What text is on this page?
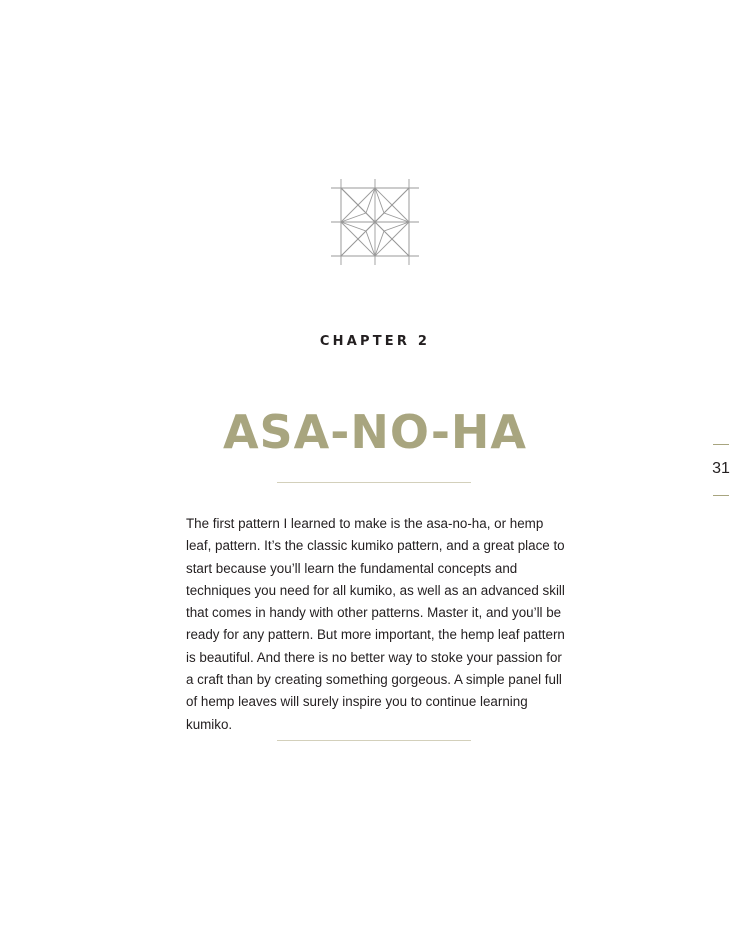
CHAPTER 2
ASA-NO-HA

The first pattern I learned to make is the asa-no-ha, or hemp leaf, pattern. It’s the classic kumiko pattern, and a great place to start because you’ll learn the fundamental concepts and techniques you need for all kumiko, as well as an advanced skill that comes in handy with other patterns. Master it, and you’ll be ready for any pattern. But more important, the hemp leaf pattern is beautiful. And there is no better way to stoke your passion for a craft than by creating something gorgeous. A simple panel full of hemp leaves will surely inspire you to continue learning kumiko.

31
